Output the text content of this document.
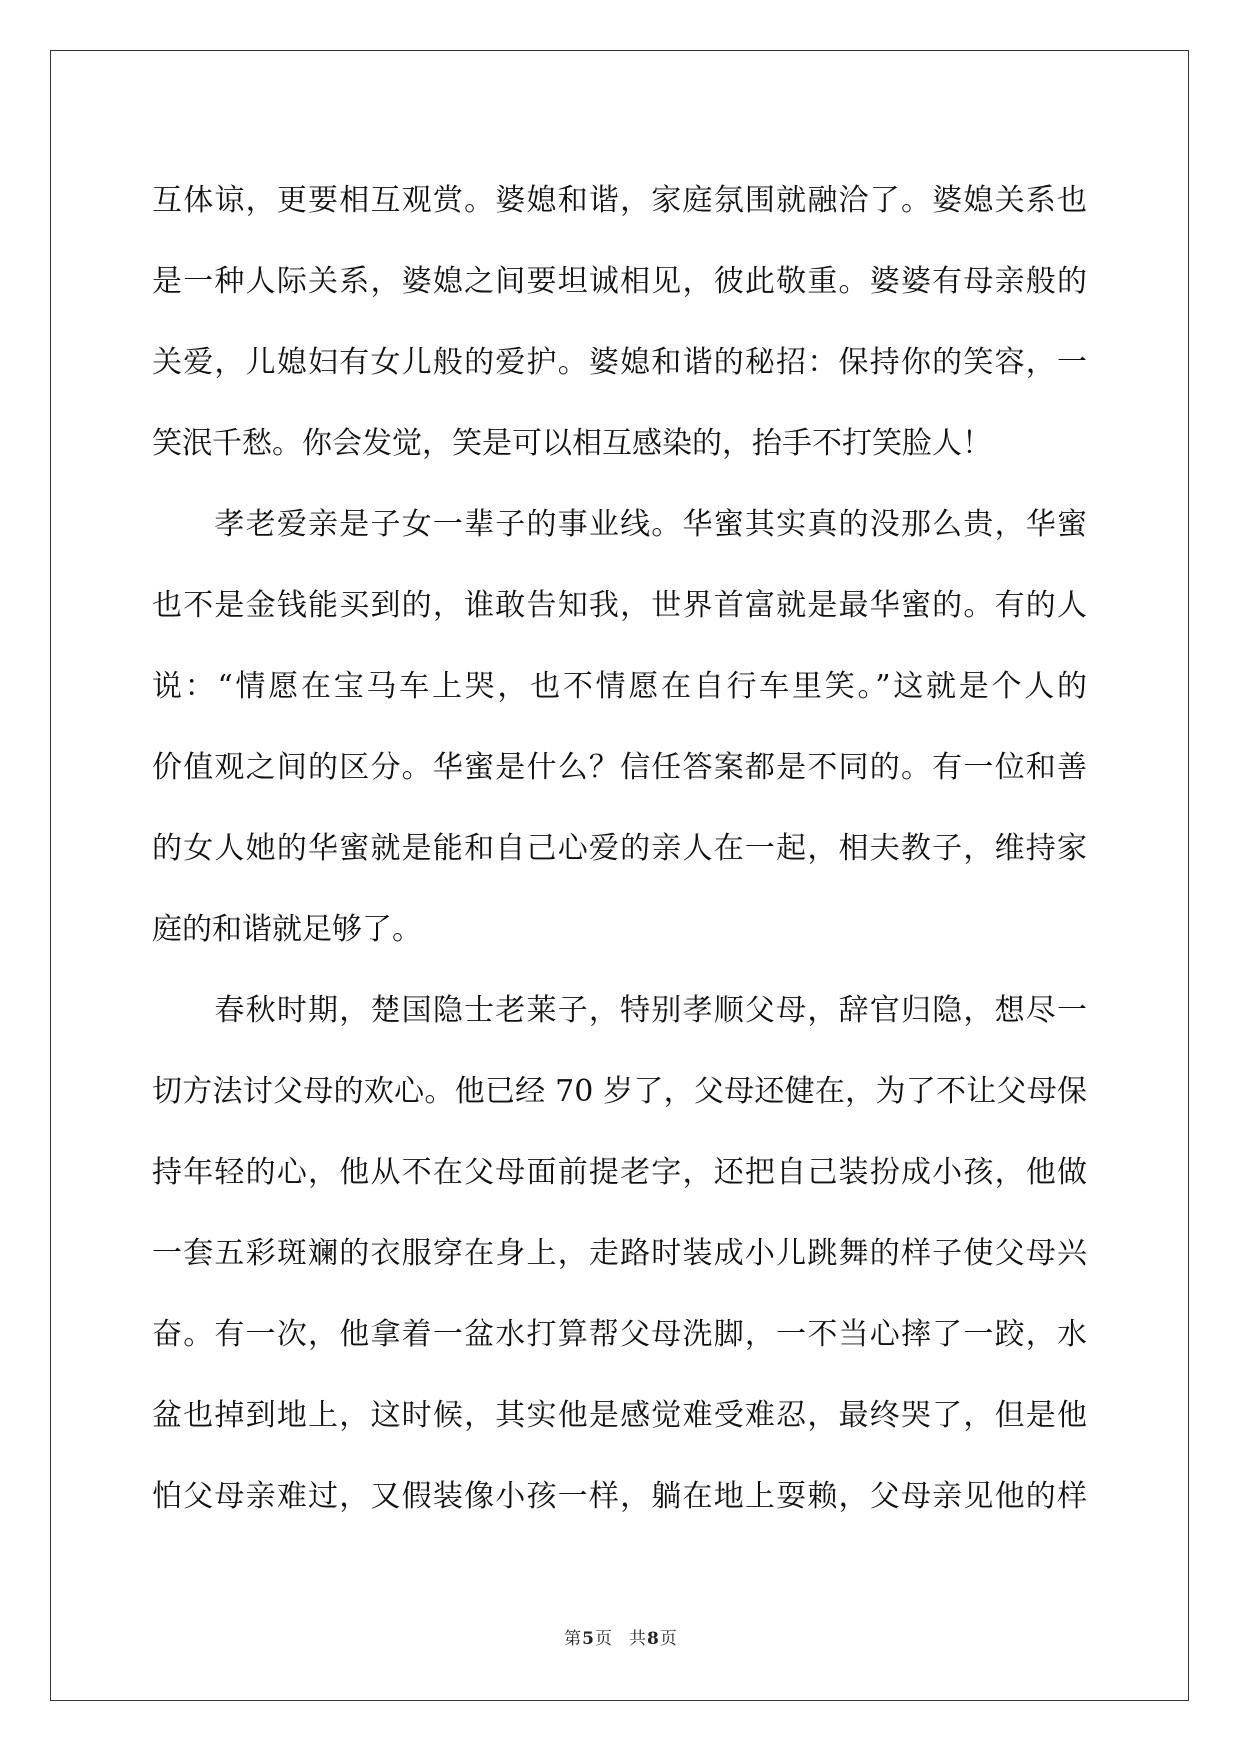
互体谅，更要相互观赏。婆媳和谐，家庭氛围就融洽了。婆媳关系也
是一种人际关系，婆媳之间要坦诚相见，彼此敬重。婆婆有母亲般的
关爱，儿媳妇有女儿般的爱护。婆媳和谐的秘招：保持你的笑容，一
笑泯千愁。你会发觉，笑是可以相互感染的，抬手不打笑脸人！
　　孝老爱亲是子女一辈子的事业线。华蜜其实真的没那么贵，华蜜
也不是金钱能买到的，谁敢告知我，世界首富就是最华蜜的。有的人
说：“情愿在宝马车上哭，也不情愿在自行车里笑。”这就是个人的
价值观之间的区分。华蜜是什么？信任答案都是不同的。有一位和善
的女人她的华蜜就是能和自己心爱的亲人在一起，相夫教子，维持家
庭的和谐就足够了。
　　春秋时期，楚国隐士老莱子，特别孝顺父母，辞官归隐，想尽一
切方法讨父母的欢心。他已经 70 岁了，父母还健在，为了不让父母保
持年轻的心，他从不在父母面前提老字，还把自己装扮成小孩，他做
一套五彩斑斓的衣服穿在身上，走路时装成小儿跳舞的样子使父母兴
奋。有一次，他拿着一盆水打算帮父母洗脚，一不当心摔了一跤，水
盆也掉到地上，这时候，其实他是感觉难受难忍，最终哭了，但是他
怕父母亲难过，又假装像小孩一样，躺在地上耍赖，父母亲见他的样
第5页　共8页
